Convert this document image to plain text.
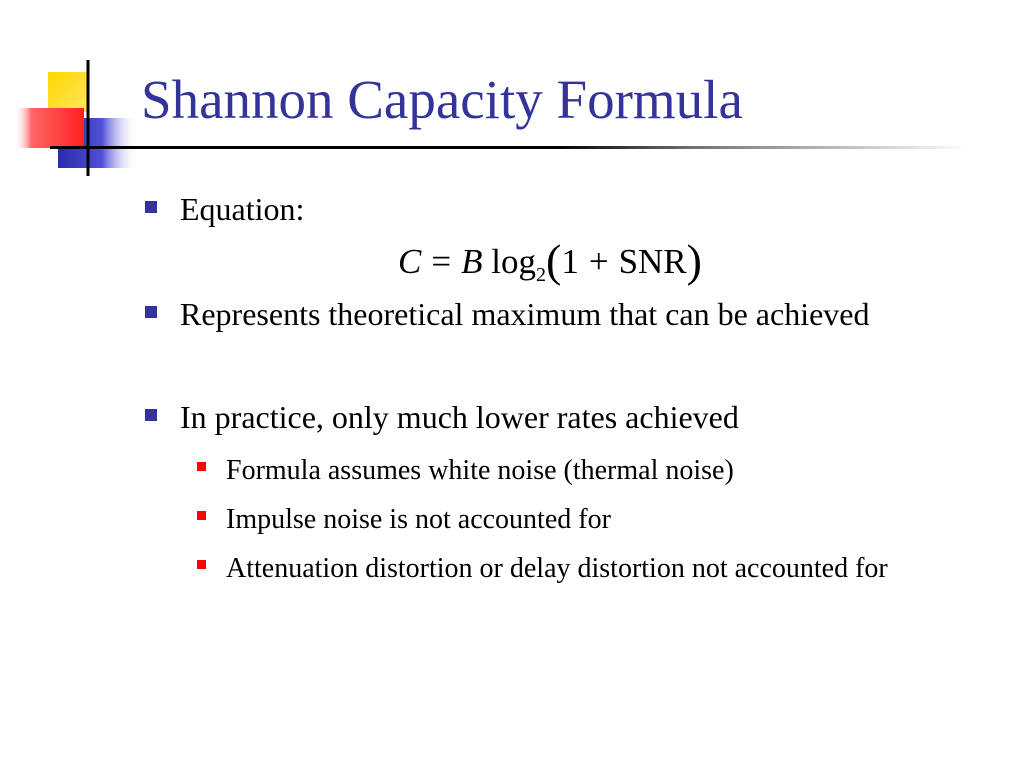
Shannon Capacity Formula
Equation:
C = B $\log_2(1 + SNR)$
Represents theoretical maximum that can be achieved
In practice, only much lower rates achieved
Formula assumes white noise (thermal noise)
Impulse noise is not accounted for
Attenuation distortion or delay distortion not accounted for
